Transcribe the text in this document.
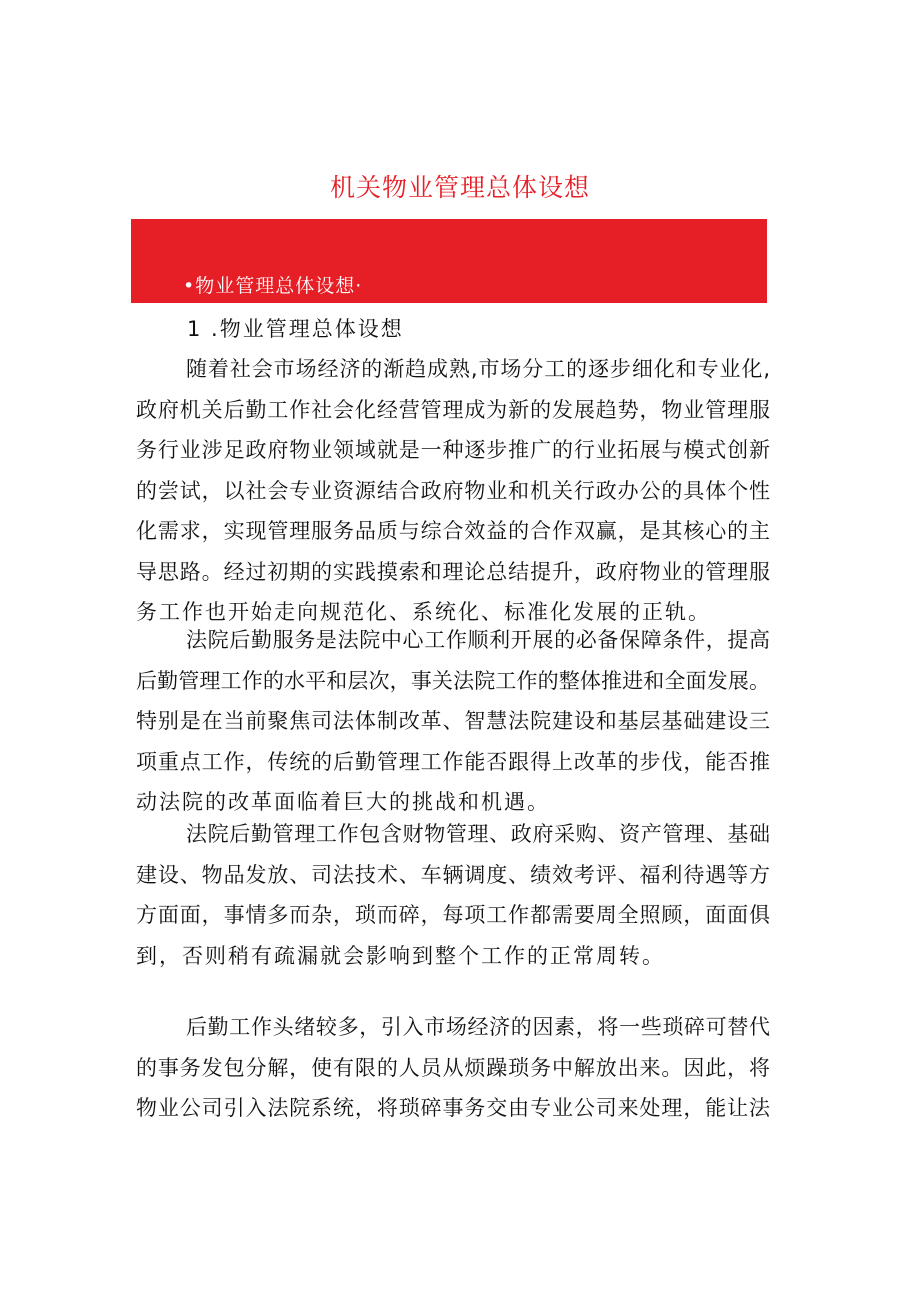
机关物业管理总体设想
•物业管理总体设想·
1 .物业管理总体设想
随着社会市场经济的渐趋成熟,市场分工的逐步细化和专业化,
政府机关后勤工作社会化经营管理成为新的发展趋势，物业管理服
务行业涉足政府物业领域就是一种逐步推广的行业拓展与模式创新
的尝试，以社会专业资源结合政府物业和机关行政办公的具体个性
化需求，实现管理服务品质与综合效益的合作双赢，是其核心的主
导思路。经过初期的实践摸索和理论总结提升，政府物业的管理服
务工作也开始走向规范化、系统化、标准化发展的正轨。
法院后勤服务是法院中心工作顺利开展的必备保障条件，提高
后勤管理工作的水平和层次，事关法院工作的整体推进和全面发展。
特别是在当前聚焦司法体制改革、智慧法院建设和基层基础建设三
项重点工作，传统的后勤管理工作能否跟得上改革的步伐，能否推
动法院的改革面临着巨大的挑战和机遇。
法院后勤管理工作包含财物管理、政府采购、资产管理、基础
建设、物品发放、司法技术、车辆调度、绩效考评、福利待遇等方
方面面，事情多而杂，琐而碎，每项工作都需要周全照顾，面面俱
到，否则稍有疏漏就会影响到整个工作的正常周转。
后勤工作头绪较多，引入市场经济的因素，将一些琐碎可替代
的事务发包分解，使有限的人员从烦躁琐务中解放出来。因此，将
物业公司引入法院系统，将琐碎事务交由专业公司来处理，能让法
